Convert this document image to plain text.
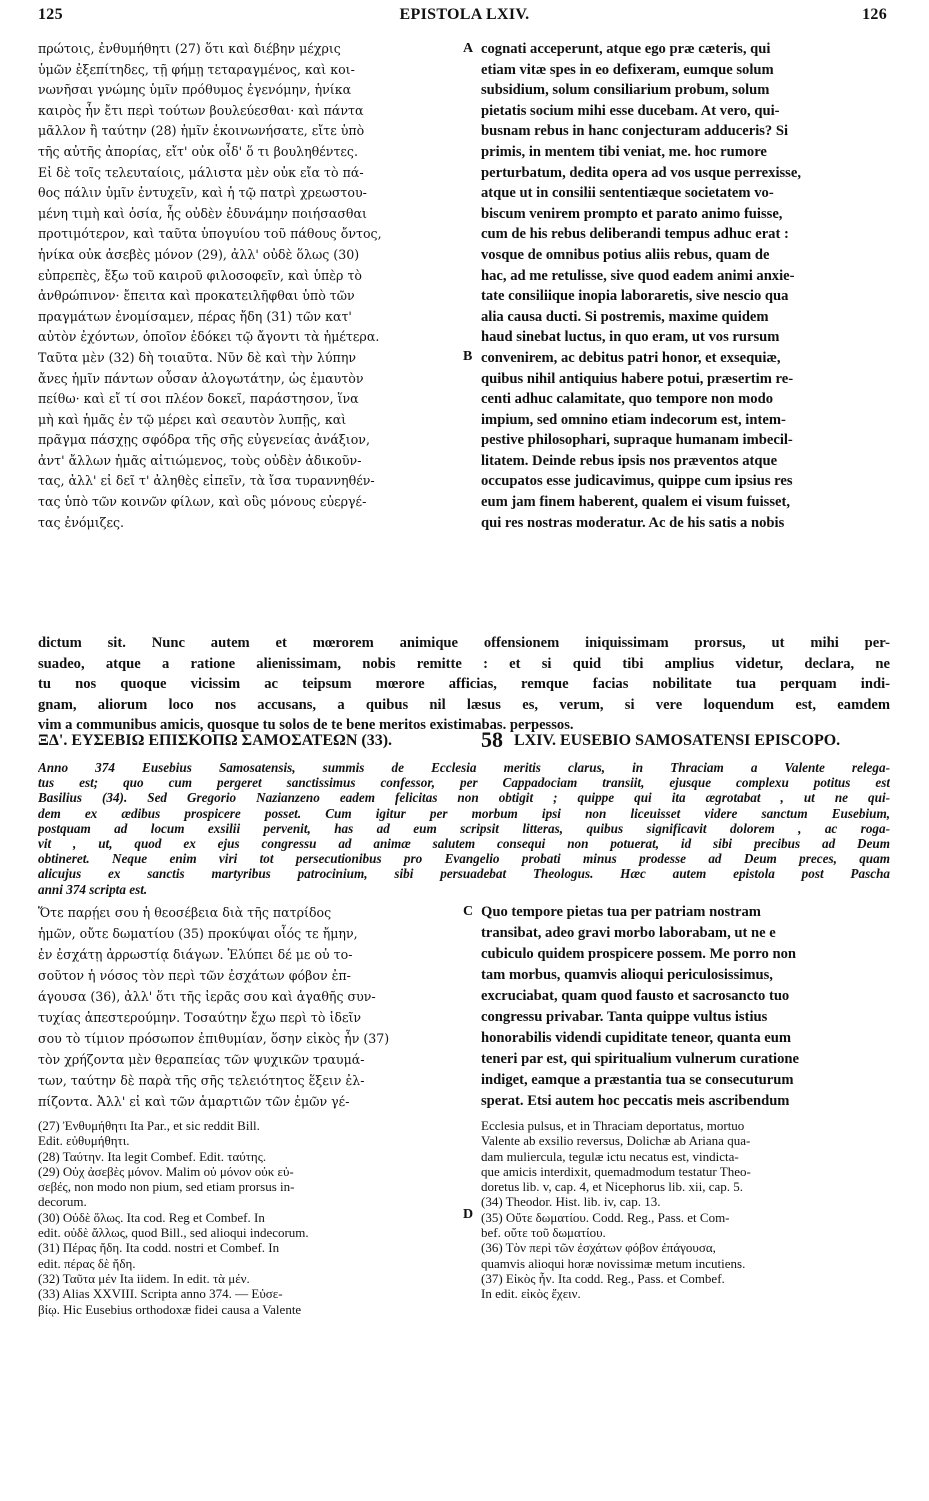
125	EPISTOLA LXIV.	126
πρώτοις, ἐνθυμήθητι (27) ὅτι καὶ διέβην μέχρις
ὑμῶν ἐξεπίτηδες, τῇ φήμῃ τεταραγμένος, καὶ κοι-
νωνῆσαι γνώμης ὑμῖν πρόθυμος ἐγενόμην, ἡνίκα
καιρὸς ἦν ἔτι περὶ τούτων βουλεύεσθαι· καὶ πάντα
μᾶλλον ἢ ταύτην (28) ἡμῖν ἐκοινωνήσατε, εἴτε ὑπὸ
τῆς αὐτῆς ἀπορίας, εἴτ' οὐκ οἶδ' ὅ τι βουληθέντες.
Εἰ δὲ τοῖς τελευταίοις, μάλιστα μὲν οὐκ εἴα τὸ πά-
θος πάλιν ὑμῖν ἐντυχεῖν, καὶ ἡ τῷ πατρὶ χρεωστου-
μένη τιμὴ καὶ ὁσία, ἧς οὐδὲν ἐδυνάμην ποιήσασθαι
προτιμότερον, καὶ ταῦτα ὑπογυίου τοῦ πάθους ὄντος,
ἡνίκα οὐκ ἀσεβὲς μόνον (29), ἀλλ' οὐδὲ ὅλως (30)
εὐπρεπὲς, ἔξω τοῦ καιροῦ φιλοσοφεῖν, καὶ ὑπὲρ τὸ
ἀνθρώπινον· ἔπειτα καὶ προκατειλῆφθαι ὑπὸ τῶν
πραγμάτων ἐνομίσαμεν, πέρας ἤδη (31) τῶν κατ'
αὐτὸν ἐχόντων, ὁποῖον ἐδόκει τῷ ἄγοντι τὰ ἡμέτερα.
Ταῦτα μὲν (32) δὴ τοιαῦτα. Νῦν δὲ καὶ τὴν λύπην
ἄνες ἡμῖν πάντων οὖσαν ἀλογωτάτην, ὡς ἐμαυτὸν
πείθω· καὶ εἴ τί σοι πλέον δοκεῖ, παράστησον, ἵνα
μὴ καὶ ἡμᾶς ἐν τῷ μέρει καὶ σεαυτὸν λυπῇς, καὶ
πρᾶγμα πάσχῃς σφόδρα τῆς σῆς εὐγενείας ἀνάξιον,
ἀντ' ἄλλων ἡμᾶς αἰτιώμενος, τοὺς οὐδὲν ἀδικοῦν-
τας, ἀλλ' εἰ δεῖ τ' ἀληθὲς εἰπεῖν, τὰ ἴσα τυραννηθέν-
τας ὑπὸ τῶν κοινῶν φίλων, καὶ οὓς μόνους εὐεργέ-
τας ἐνόμιζες.
cognati acceperunt, atque ego præ cæteris, qui
etiam vitæ spes in eo defixeram, eumque solum
subsidium, solum consiliarium probum, solum
pietatis socium mihi esse ducebam. At vero, qui-
busnam rebus in hanc conjecturam adduceris? Si
primis, in mentem tibi veniat, me. hoc rumore
perturbatum, dedita opera ad vos usque perrexisse,
atque ut in consilii sententiæque societatem vo-
biscum venirem prompto et parato animo fuisse,
cum de his rebus deliberandi tempus adhuc erat :
vosque de omnibus potius aliis rebus, quam de
hac, ad me retulisse, sive quod eadem animi anxie-
tate consiliique inopia laboraretis, sive nescio qua
alia causa ducti. Si postremis, maxime quidem
haud sinebat luctus, in quo eram, ut vos rursum
convenirem, ac debitus patri honor, et exsequiæ,
quibus nihil antiquius habere potui, præsertim re-
centi adhuc calamitate, quo tempore non modo
impium, sed omnino etiam indecorum est, intem-
pestive philosophari, supraque humanam imbecil-
litatem. Deinde rebus ipsis nos præventos atque
occupatos esse judicavimus, quippe cum ipsius res
eum jam finem haberent, qualem ei visum fuisset,
qui res nostras moderatur. Ac de his satis a nobis
A
B
dictum sit. Nunc autem et mœrorem animique offensionem iniquissimam prorsus, ut mihi per-
suadeo, atque a ratione alienissimam, nobis remitte : et si quid tibi amplius videtur, declara, ne
tu nos quoque vicissim ac teipsum mœrore afficias, remque facias nobilitate tua perquam indi-
gnam, aliorum loco nos accusans, a quibus nil læsus es, verum, si vere loquendum est, eamdem
vim a communibus amicis, quosque tu solos de te bene meritos existimabas. perpessos.
ΞΔ'. ΕΥΣΕΒΙΩ ΕΠΙΣΚΟΠΩ ΣΑΜΟΣΑΤΕΩΝ (33).	58 LXIV. EUSEBIO SAMOSATENSI EPISCOPO.
Anno 374 Eusebius Samosatensis, summis de Ecclesia meritis clarus, in Thraciam a Valente relega-
tus est; quo cum pergeret sanctissimus confessor, per Cappadociam transiit, ejusque complexu potitus est
Basilius (34). Sed Gregorio Nazianzeno eadem felicitas non obtigit ; quippe qui ita ægrotabat , ut ne qui-
dem ex ædibus prospicere posset. Cum igitur per morbum ipsi non liceuisset videre sanctum Eusebium,
postquam ad locum exsilii pervenit, has ad eum scripsit litteras, quibus significavit dolorem , ac roga-
vit , ut, quod ex ejus congressu ad animæ salutem consequi non potuerat, id sibi precibus ad Deum
obtineret. Neque enim viri tot persecutionibus pro Evangelio probati minus prodesse ad Deum preces, quam
alicujus ex sanctis martyribus patrocinium, sibi persuadebat Theologus. Hæc autem epistola post Pascha
anni 374 scripta est.
Ὅτε παρῄει σου ἡ θεοσέβεια διὰ τῆς πατρίδος
ἡμῶν, οὔτε δωματίου (35) προκύψαι οἷός τε ἤμην,
ἐν ἐσχάτῃ ἀρρωστίᾳ διάγων. Ἐλύπει δέ με οὐ το-
σοῦτον ἡ νόσος τὸν περὶ τῶν ἐσχάτων φόβον ἐπ-
άγουσα (36), ἀλλ' ὅτι τῆς ἱερᾶς σου καὶ ἀγαθῆς συν-
τυχίας ἀπεστερούμην. Τοσαύτην ἔχω περὶ τὸ ἰδεῖν
σου τὸ τίμιον πρόσωπον ἐπιθυμίαν, ὅσην εἰκὸς ἦν (37)
τὸν χρήζοντα μὲν θεραπείας τῶν ψυχικῶν τραυμά-
των, ταύτην δὲ παρὰ τῆς σῆς τελειότητος ἕξειν ἐλ-
πίζοντα. Ἀλλ' εἰ καὶ τῶν ἁμαρτιῶν τῶν ἐμῶν γέ-
Quo tempore pietas tua per patriam nostram
transibat, adeo gravi morbo laborabam, ut ne e
cubiculo quidem prospicere possem. Me porro non
tam morbus, quamvis alioqui periculosissimus,
excruciabat, quam quod fausto et sacrosancto tuo
congressu privabar. Tanta quippe vultus istius
honorabilis videndi cupiditate teneor, quanta eum
teneri par est, qui spiritualium vulnerum curatione
indiget, eamque a præstantia tua se consecuturum
sperat. Etsi autem hoc peccatis meis ascribendum
C
(27) Ἐνθυμήθητι Ita Par., et sic reddit Bill.
Edit. εὐθυμήθητι.
(28) Ταύτην. Ita legit Combef. Edit. ταύτης.
(29) Οὐχ ἀσεβὲς μόνον. Malim οὐ μόνον οὐκ εὐ-
σεβές, non modo non pium, sed etiam prorsus in-
decorum.
(30) Οὐδὲ ὅλως. Ita cod. Reg et Combef. In
edit. οὐδὲ ἄλλως, quod Bill., sed alioqui indecorum.
(31) Πέρας ἤδη. Ita codd. nostri et Combef. In
edit. πέρας δὲ ἤδη.
(32) Ταῦτα μέν Ita iidem. In edit. τὰ μέν.
(33) Alias XXVIII. Scripta anno 374. — Εὐσε-
βίῳ. Hic Eusebius orthodoxæ fidei causa a Valente
Ecclesia pulsus, et in Thraciam deportatus, mortuo
Valente ab exsilio reversus, Dolichæ ab Ariana qua-
dam muliercula, tegulæ ictu necatus est, vindicta-
que amicis interdixit, quemadmodum testatur Theo-
doretus lib. v, cap. 4, et Nicephorus lib. xii, cap. 5.
(34) Theodor. Hist. lib. iv, cap. 13.
(35) Οὔτε δωματίου. Codd. Reg., Pass. et Com-
bef. οὔτε τοῦ δωματίου.
(36) Τὸν περὶ τῶν ἐσχάτων φόβον ἐπάγουσα,
quamvis alioqui horæ novissimæ metum incutiens.
(37) Εἰκὸς ἦν. Ita codd. Reg., Pass. et Combef.
In edit. εἰκὸς ἔχειν.
D
